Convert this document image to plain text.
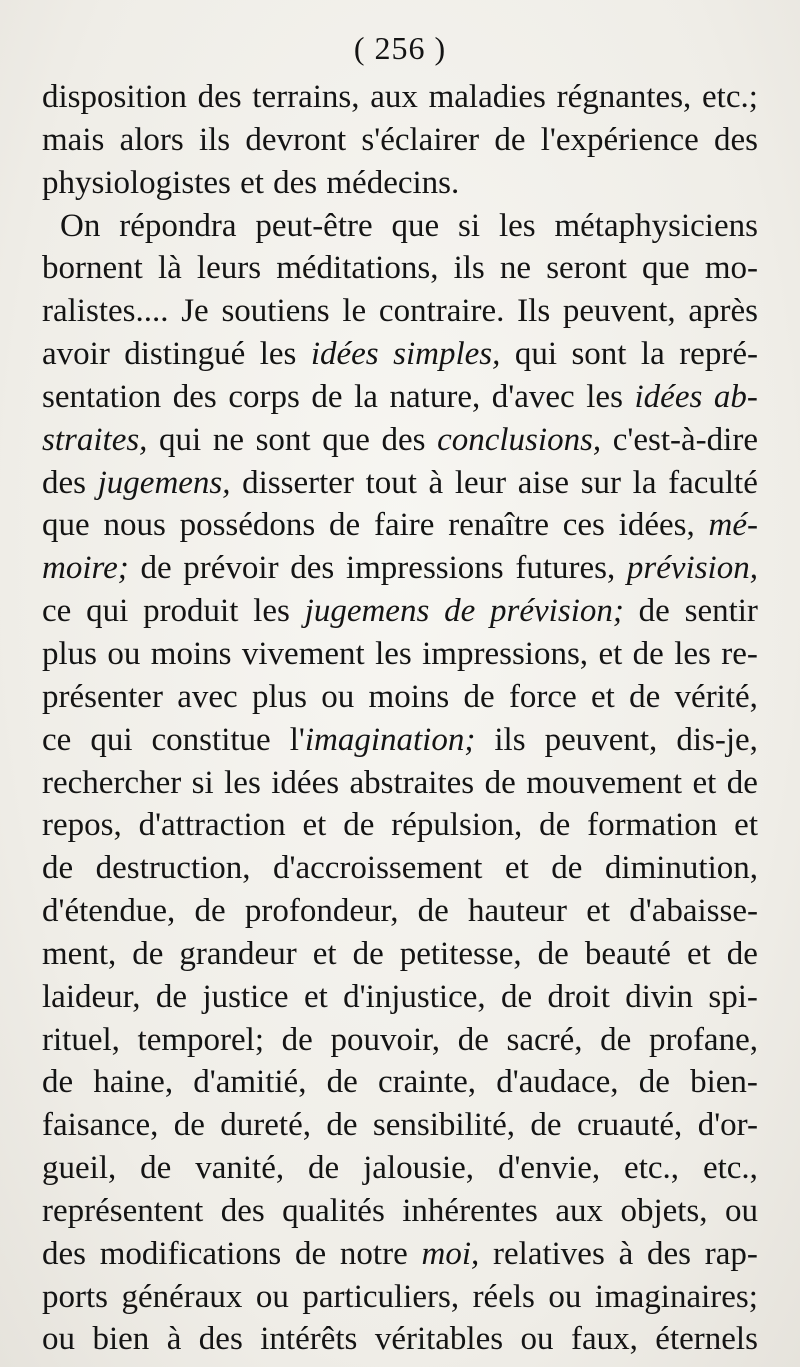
( 256 )
disposition des terrains, aux maladies régnantes, etc.;
mais alors ils devront s'éclairer de l'expérience des
physiologistes et des médecins.
On répondra peut-être que si les métaphysiciens
bornent là leurs méditations, ils ne seront que mo-
ralistes.... Je soutiens le contraire. Ils peuvent, après
avoir distingué les idées simples, qui sont la repré-
sentation des corps de la nature, d'avec les idées ab-
straites, qui ne sont que des conclusions, c'est-à-dire
des jugemens, disserter tout à leur aise sur la faculté
que nous possédons de faire renaître ces idées, mé-
moire; de prévoir des impressions futures, prévision,
ce qui produit les jugemens de prévision; de sentir
plus ou moins vivement les impressions, et de les re-
présenter avec plus ou moins de force et de vérité,
ce qui constitue l'imagination; ils peuvent, dis-je,
rechercher si les idées abstraites de mouvement et de
repos, d'attraction et de répulsion, de formation et
de destruction, d'accroissement et de diminution,
d'étendue, de profondeur, de hauteur et d'abaisse-
ment, de grandeur et de petitesse, de beauté et de
laideur, de justice et d'injustice, de droit divin spi-
rituel, temporel; de pouvoir, de sacré, de profane,
de haine, d'amitié, de crainte, d'audace, de bien-
faisance, de dureté, de sensibilité, de cruauté, d'or-
gueil, de vanité, de jalousie, d'envie, etc., etc.,
représentent des qualités inhérentes aux objets, ou
des modifications de notre moi, relatives à des rap-
ports généraux ou particuliers, réels ou imaginaires;
ou bien à des intérêts véritables ou faux, éternels
